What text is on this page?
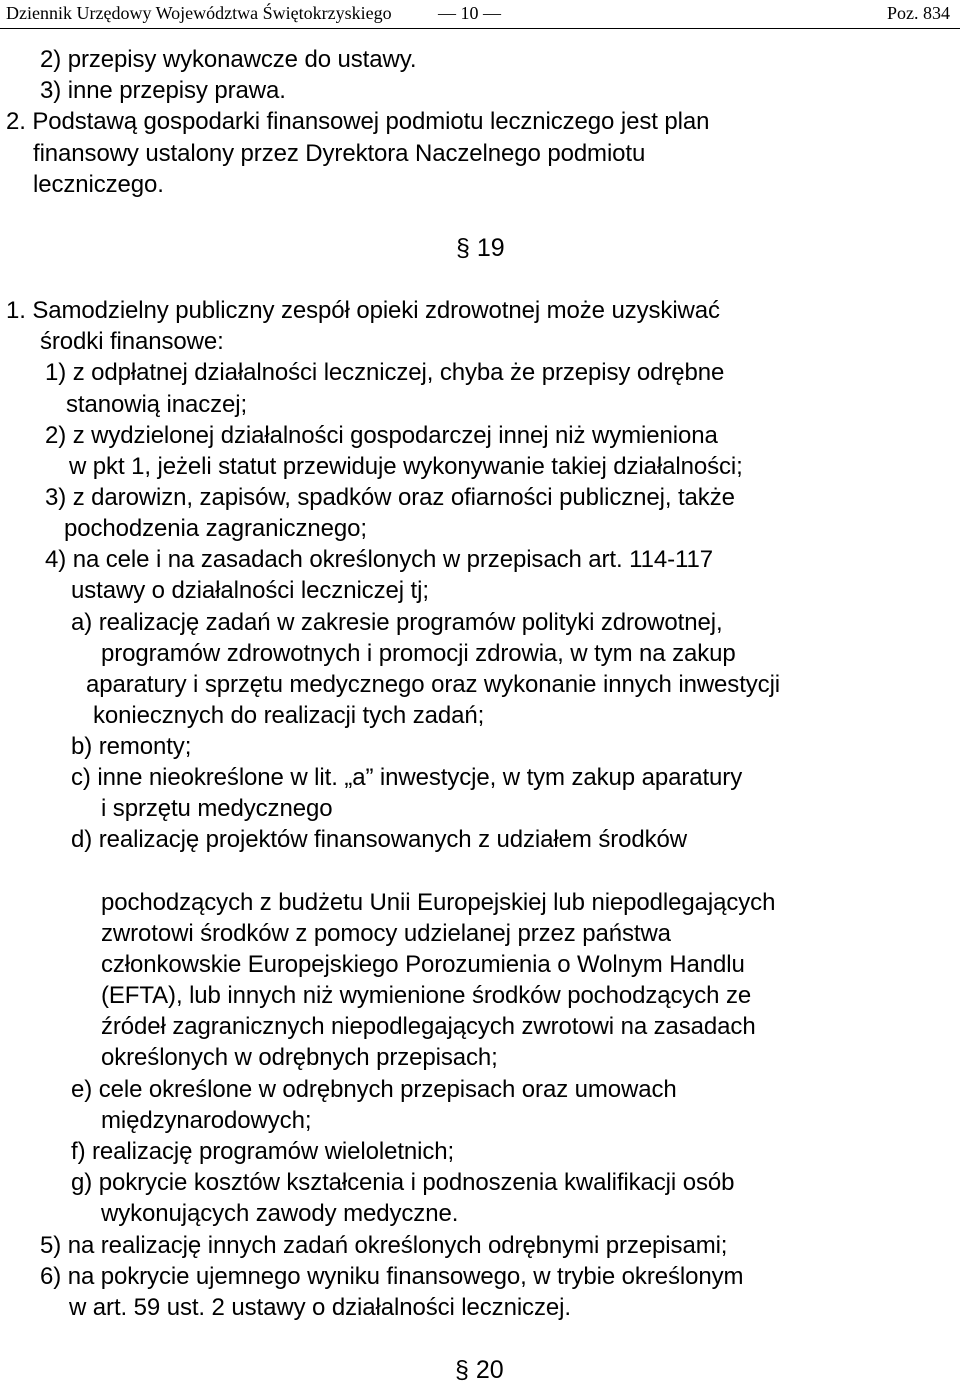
Dziennik Urzędowy Województwa Świętokrzyskiego	— 10 —	Poz. 834
2) przepisy wykonawcze do ustawy.
3) inne przepisy prawa.
2. Podstawą gospodarki finansowej podmiotu leczniczego jest plan
finansowy ustalony przez Dyrektora Naczelnego podmiotu
leczniczego.
§ 19
1. Samodzielny publiczny zespół opieki zdrowotnej może uzyskiwać
środki finansowe:
1) z odpłatnej działalności leczniczej, chyba że przepisy odrębne
stanowią inaczej;
2) z wydzielonej działalności gospodarczej innej niż wymieniona
w pkt 1, jeżeli statut przewiduje wykonywanie takiej działalności;
3) z darowizn, zapisów, spadków oraz ofiarności publicznej, także
pochodzenia zagranicznego;
4) na cele i na zasadach określonych w przepisach art. 114-117
ustawy o działalności leczniczej tj;
a) realizację zadań w zakresie programów polityki zdrowotnej,
programów zdrowotnych i promocji zdrowia, w tym na zakup
aparatury i sprzętu medycznego oraz wykonanie innych inwestycji
koniecznych do realizacji tych zadań;
b) remonty;
c) inne nieokreślone w lit. „a” inwestycje, w tym zakup aparatury
i sprzętu medycznego
d) realizację projektów finansowanych z udziałem środków
pochodzących z budżetu Unii Europejskiej lub niepodlegających
zwrotowi środków z pomocy udzielanej przez państwa
członkowskie Europejskiego Porozumienia o Wolnym Handlu
(EFTA), lub innych niż wymienione środków pochodzących ze
źródeł zagranicznych niepodlegających zwrotowi na zasadach
określonych w odrębnych przepisach;
e) cele określone w odrębnych przepisach oraz umowach
międzynarodowych;
f) realizację programów wieloletnich;
g) pokrycie kosztów kształcenia i podnoszenia kwalifikacji osób
wykonujących zawody medyczne.
5) na realizację innych zadań określonych odrębnymi przepisami;
6) na pokrycie ujemnego wyniku finansowego, w trybie określonym
w art. 59 ust. 2 ustawy o działalności leczniczej.
§ 20
